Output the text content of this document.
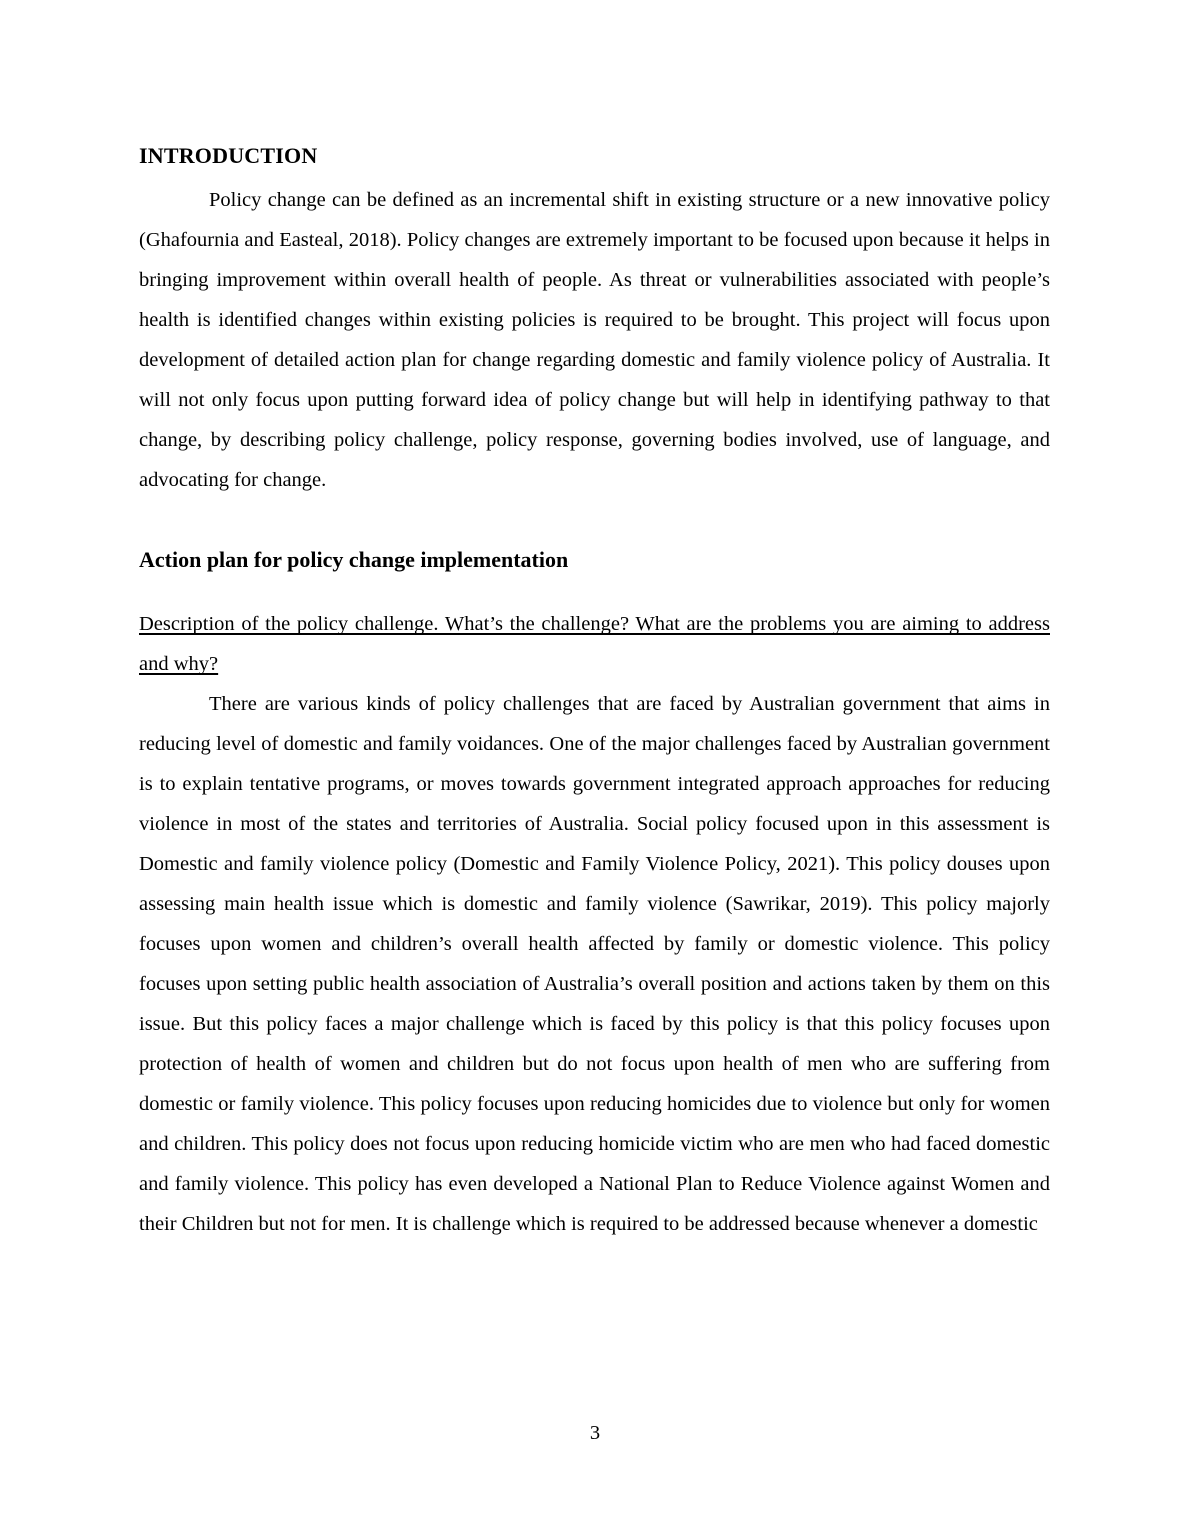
INTRODUCTION

Policy change can be defined as an incremental shift in existing structure or a new innovative policy (Ghafournia and Easteal, 2018). Policy changes are extremely important to be focused upon because it helps in bringing improvement within overall health of people. As threat or vulnerabilities associated with people’s health is identified changes within existing policies is required to be brought. This project will focus upon development of detailed action plan for change regarding domestic and family violence policy of Australia. It will not only focus upon putting forward idea of policy change but will help in identifying pathway to that change, by describing policy challenge, policy response, governing bodies involved, use of language, and advocating for change.

Action plan for policy change implementation

Description of the policy challenge. What’s the challenge? What are the problems you are aiming to address and why?

There are various kinds of policy challenges that are faced by Australian government that aims in reducing level of domestic and family voidances. One of the major challenges faced by Australian government is to explain tentative programs, or moves towards government integrated approach approaches for reducing violence in most of the states and territories of Australia. Social policy focused upon in this assessment is Domestic and family violence policy (Domestic and Family Violence Policy, 2021). This policy douses upon assessing main health issue which is domestic and family violence (Sawrikar, 2019). This policy majorly focuses upon women and children’s overall health affected by family or domestic violence. This policy focuses upon setting public health association of Australia’s overall position and actions taken by them on this issue. But this policy faces a major challenge which is faced by this policy is that this policy focuses upon protection of health of women and children but do not focus upon health of men who are suffering from domestic or family violence. This policy focuses upon reducing homicides due to violence but only for women and children. This policy does not focus upon reducing homicide victim who are men who had faced domestic and family violence. This policy has even developed a National Plan to Reduce Violence against Women and their Children but not for men. It is challenge which is required to be addressed because whenever a domestic

3
